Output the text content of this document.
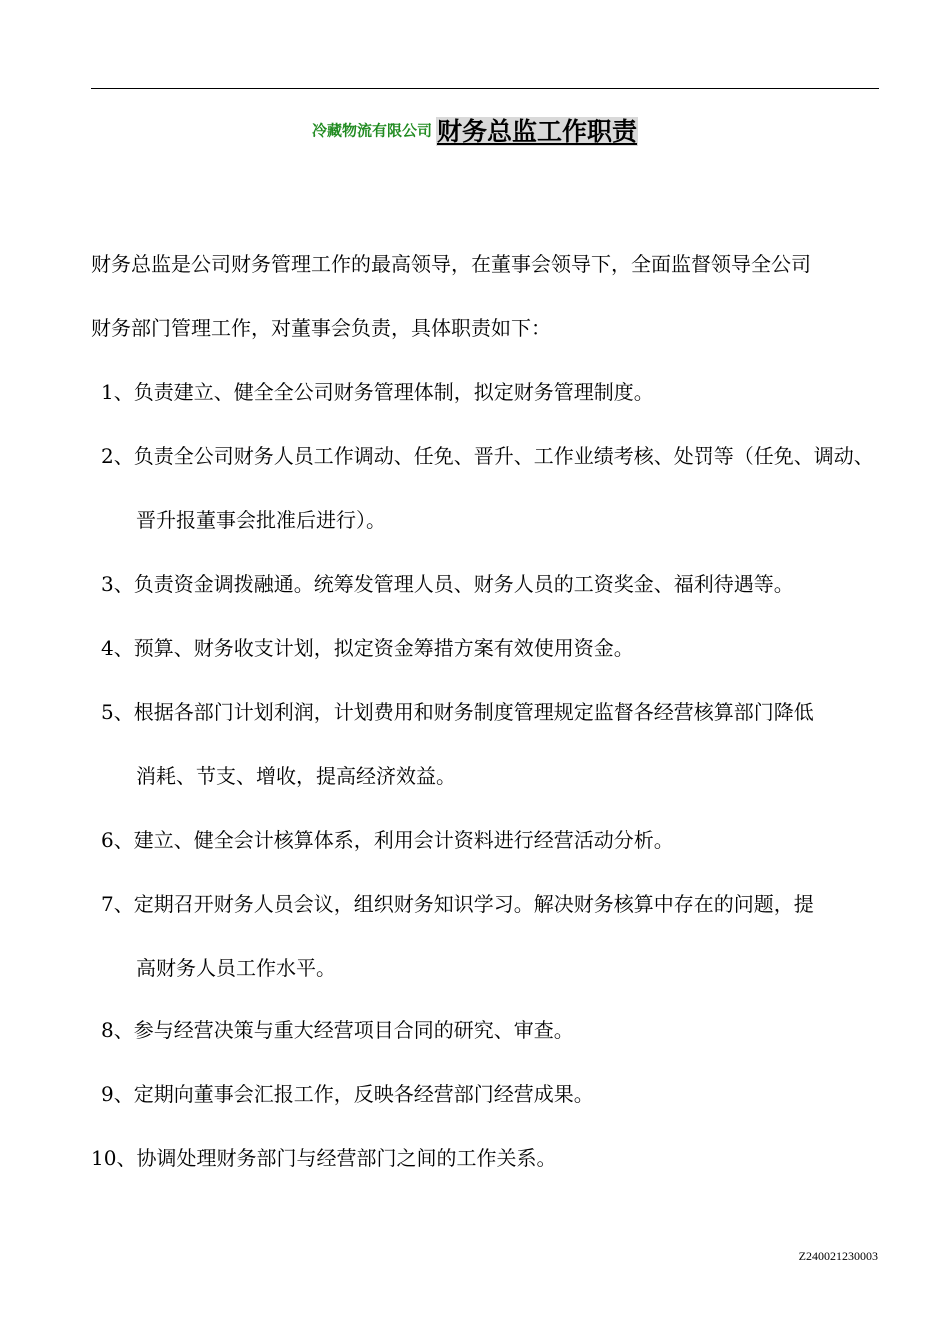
冷藏物流有限公司 财务总监工作职责
财务总监是公司财务管理工作的最高领导，在董事会领导下，全面监督领导全公司
财务部门管理工作，对董事会负责，具体职责如下：
1、负责建立、健全全公司财务管理体制，拟定财务管理制度。
2、负责全公司财务人员工作调动、任免、晋升、工作业绩考核、处罚等（任免、调动、
晋升报董事会批准后进行）。
3、负责资金调拨融通。统筹发管理人员、财务人员的工资奖金、福利待遇等。
4、预算、财务收支计划，拟定资金筹措方案有效使用资金。
5、根据各部门计划利润，计划费用和财务制度管理规定监督各经营核算部门降低
消耗、节支、增收，提高经济效益。
6、建立、健全会计核算体系，利用会计资料进行经营活动分析。
7、定期召开财务人员会议，组织财务知识学习。解决财务核算中存在的问题，提
高财务人员工作水平。
8、参与经营决策与重大经营项目合同的研究、审查。
9、定期向董事会汇报工作，反映各经营部门经营成果。
10、协调处理财务部门与经营部门之间的工作关系。
Z240021230003
